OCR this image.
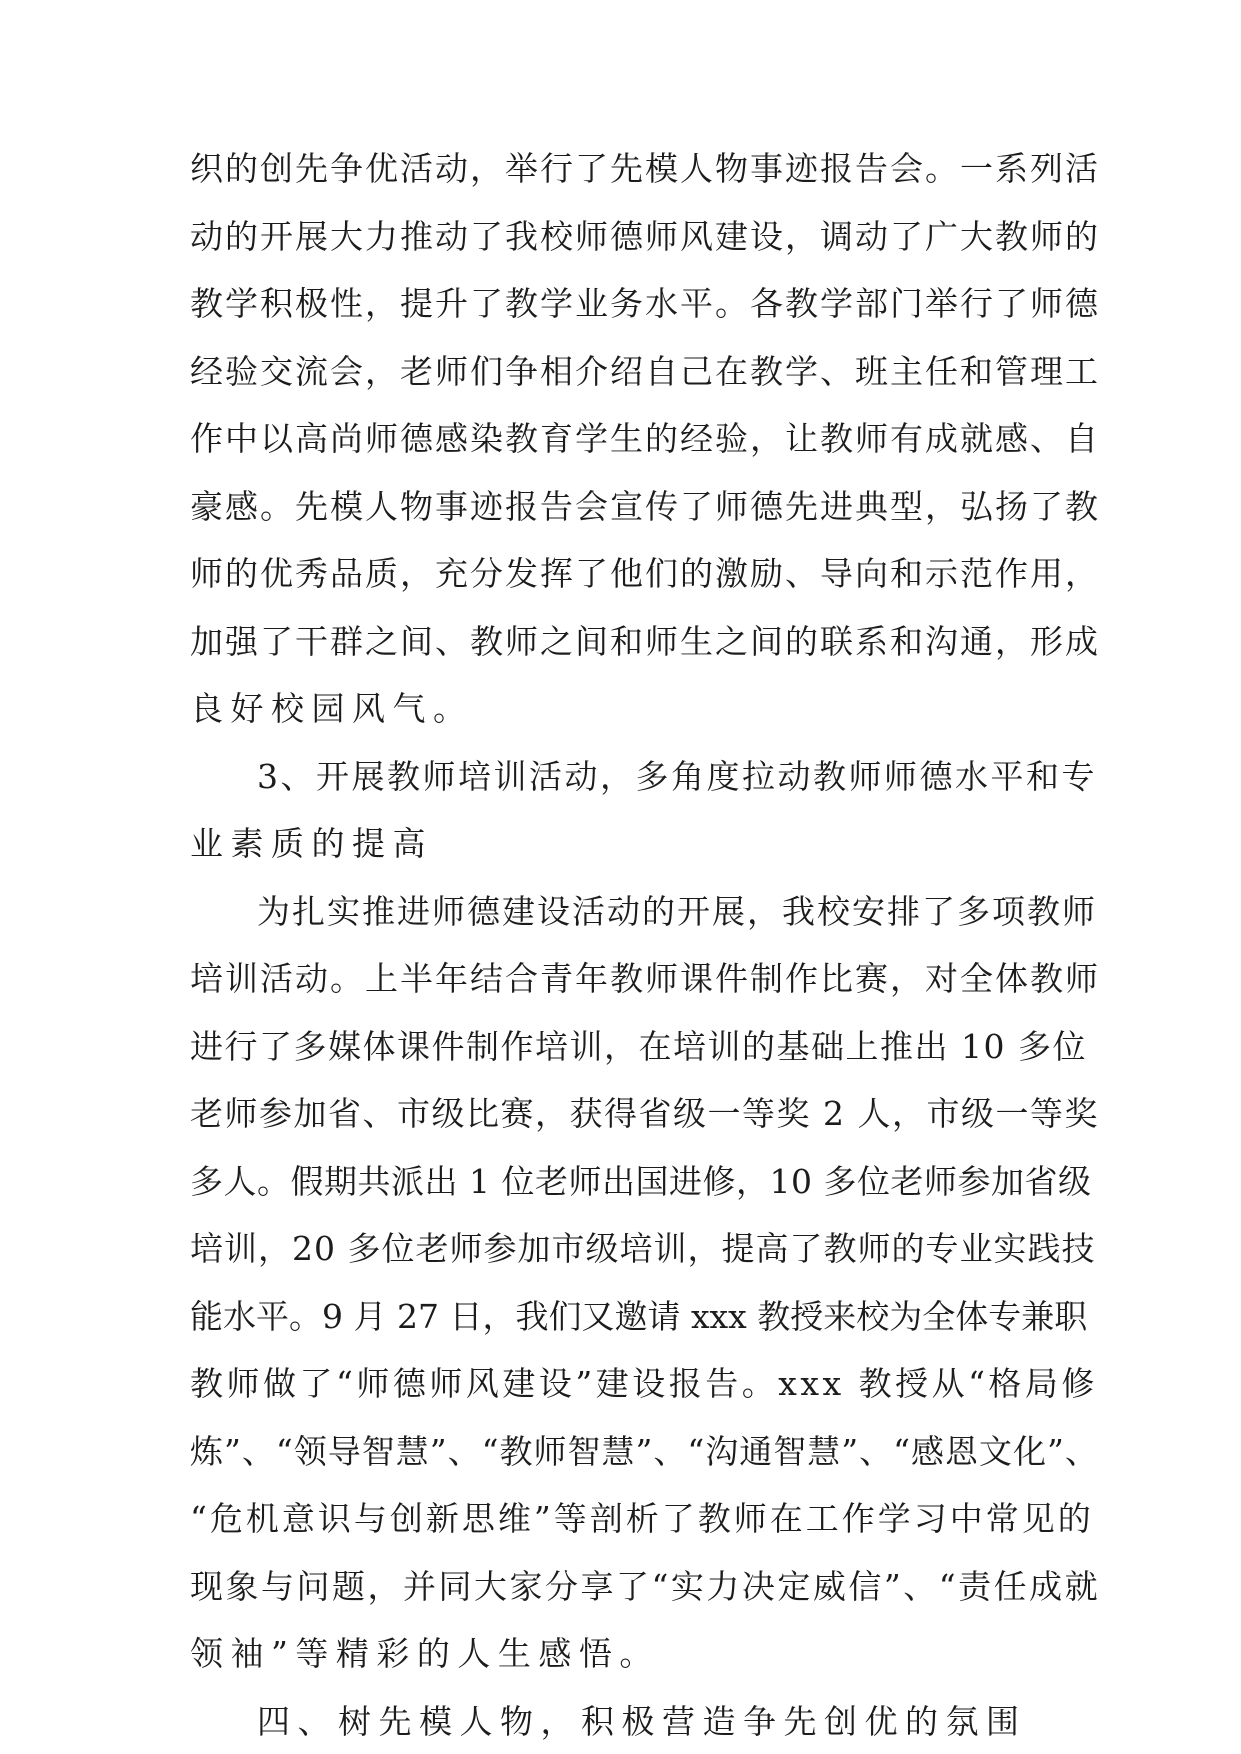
织的创先争优活动，举行了先模人物事迹报告会。一系列活
动的开展大力推动了我校师德师风建设，调动了广大教师的
教学积极性，提升了教学业务水平。各教学部门举行了师德
经验交流会，老师们争相介绍自己在教学、班主任和管理工
作中以高尚师德感染教育学生的经验，让教师有成就感、自
豪感。先模人物事迹报告会宣传了师德先进典型，弘扬了教
师的优秀品质，充分发挥了他们的激励、导向和示范作用，
加强了干群之间、教师之间和师生之间的联系和沟通，形成
良好校园风气。
3、开展教师培训活动，多角度拉动教师师德水平和专
业素质的提高
为扎实推进师德建设活动的开展，我校安排了多项教师
培训活动。上半年结合青年教师课件制作比赛，对全体教师
进行了多媒体课件制作培训，在培训的基础上推出 10 多位
老师参加省、市级比赛，获得省级一等奖 2 人，市级一等奖
多人。假期共派出 1 位老师出国进修，10 多位老师参加省级
培训，20 多位老师参加市级培训，提高了教师的专业实践技
能水平。9 月 27 日，我们又邀请 xxx 教授来校为全体专兼职
教师做了“师德师风建设”建设报告。xxx 教授从“格局修
炼”、“领导智慧”、“教师智慧”、“沟通智慧”、“感恩文化”、
“危机意识与创新思维”等剖析了教师在工作学习中常见的
现象与问题，并同大家分享了“实力决定威信”、“责任成就
领袖”等精彩的人生感悟。
四、树先模人物，积极营造争先创优的氛围
